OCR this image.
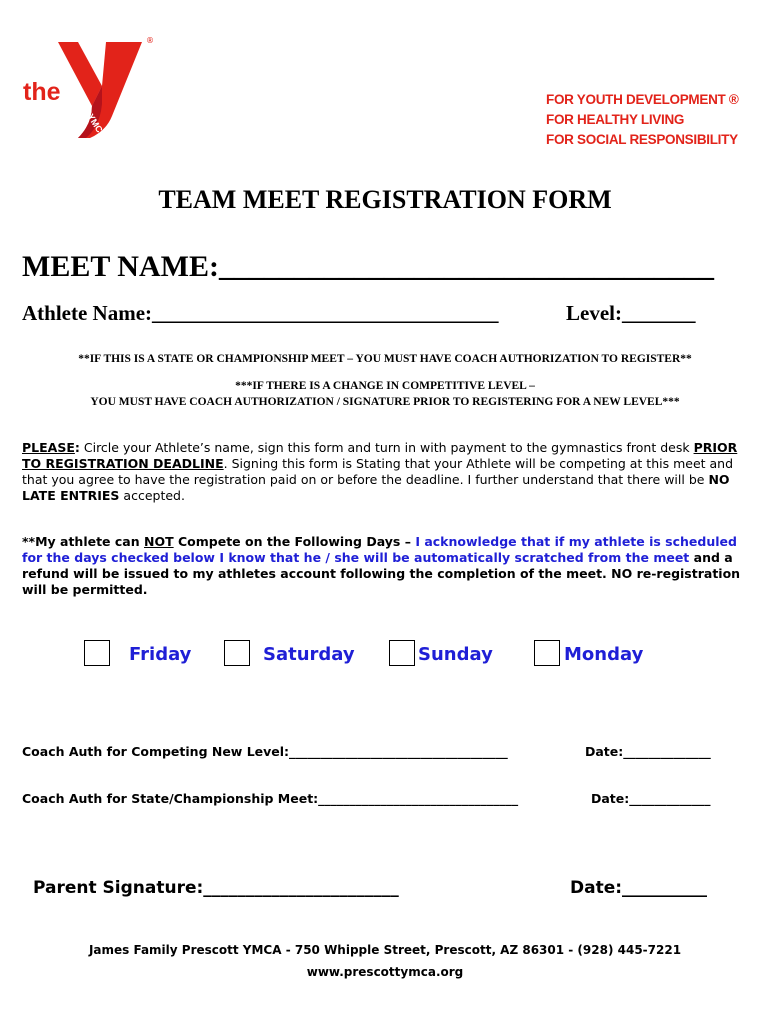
the
YMCA
®

FOR YOUTH DEVELOPMENT ®

FOR HEALTHY LIVING

FOR SOCIAL RESPONSIBILITY

TEAM MEET REGISTRATION FORM
MEET NAME:_________________________________
Athlete Name:_________________________________	Level:_______
**IF THIS IS A STATE OR CHAMPIONSHIP MEET – YOU MUST HAVE COACH AUTHORIZATION TO REGISTER**
***IF THERE IS A CHANGE IN COMPETITIVE LEVEL –
YOU MUST HAVE COACH AUTHORIZATION / SIGNATURE PRIOR TO REGISTERING FOR A NEW LEVEL***
PLEASE: Circle your Athlete’s name, sign this form and turn in with payment to the gymnastics front desk PRIOR TO REGISTRATION DEADLINE. Signing this form is Stating that your Athlete will be competing at this meet and that you agree to have the registration paid on or before the deadline. I further understand that there will be NO LATE ENTRIES accepted.
**My athlete can NOT Compete on the Following Days – I acknowledge that if my athlete is scheduled for the days checked below I know that he / she will be automatically scratched from the meet and a refund will be issued to my athletes account following the completion of the meet. NO re-registration will be permitted.
Friday	Saturday	Sunday	Monday
Coach Auth for Competing New Level:___________________________________	Date:______________
Coach Auth for State/Championship Meet:________________________________	Date:_____________
Parent Signature:_______________________	Date:__________
James Family Prescott YMCA - 750 Whipple Street, Prescott, AZ 86301 - (928) 445-7221
www.prescottymca.org
